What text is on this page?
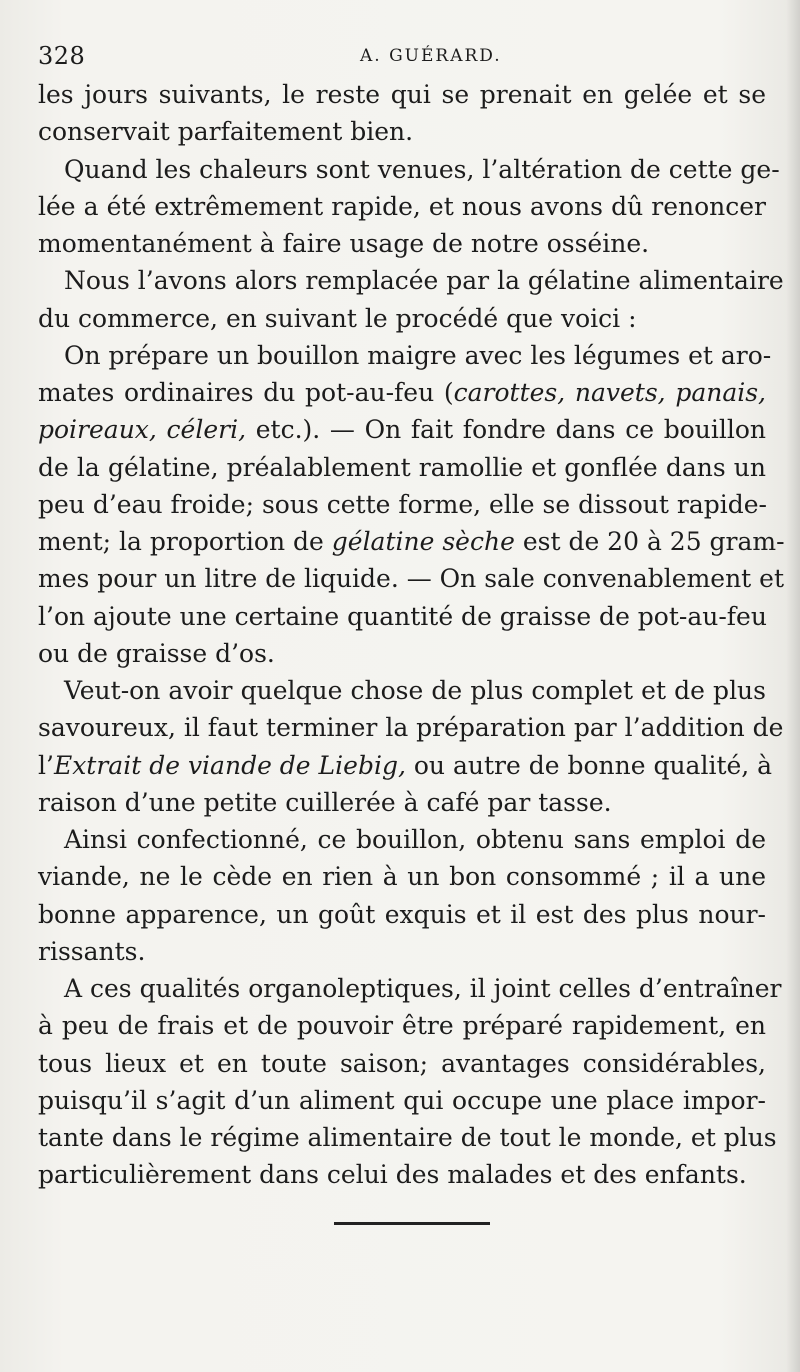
328	A. GUÉRARD.
les jours suivants, le reste qui se prenait en gelée et se
conservait parfaitement bien.
Quand les chaleurs sont venues, l’altération de cette ge-
lée a été extrêmement rapide, et nous avons dû renoncer
momentanément à faire usage de notre osséine.
Nous l’avons alors remplacée par la gélatine alimentaire
du commerce, en suivant le procédé que voici :
On prépare un bouillon maigre avec les légumes et aro-
mates ordinaires du pot-au-feu (carottes, navets, panais,
poireaux, céleri, etc.). — On fait fondre dans ce bouillon
de la gélatine, préalablement ramollie et gonflée dans un
peu d’eau froide; sous cette forme, elle se dissout rapide-
ment; la proportion de gélatine sèche est de 20 à 25 gram-
mes pour un litre de liquide. — On sale convenablement et
l’on ajoute une certaine quantité de graisse de pot-au-feu
ou de graisse d’os.
Veut-on avoir quelque chose de plus complet et de plus
savoureux, il faut terminer la préparation par l’addition de
l’Extrait de viande de Liebig, ou autre de bonne qualité, à
raison d’une petite cuillerée à café par tasse.
Ainsi confectionné, ce bouillon, obtenu sans emploi de
viande, ne le cède en rien à un bon consommé ; il a une
bonne apparence, un goût exquis et il est des plus nour-
rissants.
A ces qualités organoleptiques, il joint celles d’entraîner
à peu de frais et de pouvoir être préparé rapidement, en
tous lieux et en toute saison; avantages considérables,
puisqu’il s’agit d’un aliment qui occupe une place impor-
tante dans le régime alimentaire de tout le monde, et plus
particulièrement dans celui des malades et des enfants.
